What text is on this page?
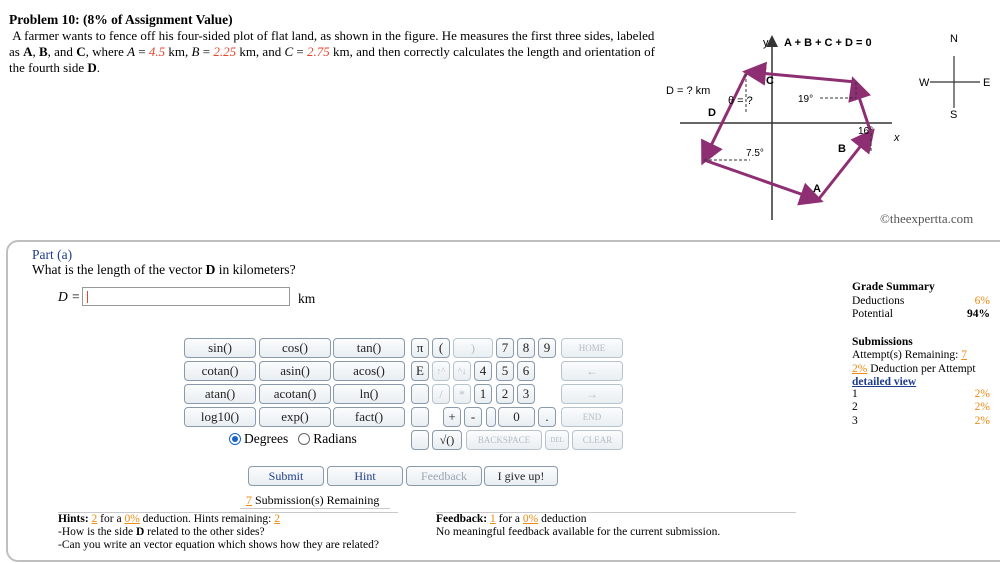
Problem 10: (8% of Assignment Value)
A farmer wants to fence off his four-sided plot of flat land, as shown in the figure. He measures the first three sides, labeled as A, B, and C, where A = 4.5 km, B = 2.25 km, and C = 2.75 km, and then correctly calculates the length and orientation of the fourth side D.
y A + B + C + D = 0
x
D = ? km
θ = ?
D
C
B
A
19°
16°
7.5°
N
S
W	E
©theexpertta.com
Part (a)
What is the length of the vector D in kilometers?
D =	km
sin()	cos()	tan()
cotan()	asin()	acos()
atan()	acotan()	ln()
log10()	exp()	fact()
π	(	)	7	8	9	HOME
E	↑^	^↓	4	5	6	←
/	*	1	2	3	→
+	-	0	.	END
√()	BACKSPACE	DEL	CLEAR
Degrees Radians
Submit	Hint	Feedback	I give up!
7 Submission(s) Remaining
Hints: 2 for a 0% deduction. Hints remaining: 2
-How is the side D related to the other sides?
-Can you write an vector equation which shows how they are related?
Feedback: 1 for a 0% deduction
No meaningful feedback available for the current submission.
Grade Summary
Deductions	6%
Potential	94%
Submissions
Attempt(s) Remaining: 7
2% Deduction per Attempt
detailed view
1	2%
2	2%
3	2%
